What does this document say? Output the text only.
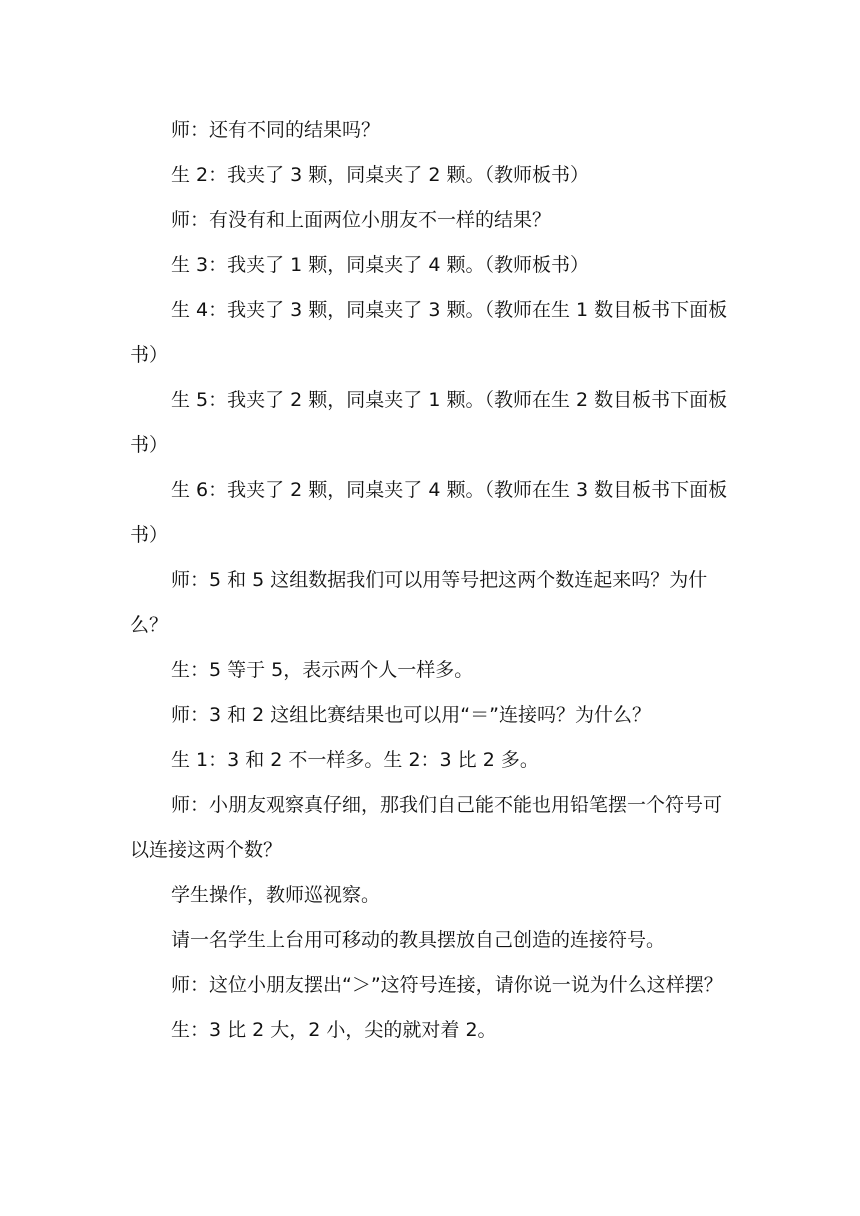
师：还有不同的结果吗？

生 2：我夹了 3 颗，同桌夹了 2 颗。（教师板书）

师：有没有和上面两位小朋友不一样的结果？

生 3：我夹了 1 颗，同桌夹了 4 颗。（教师板书）

生 4：我夹了 3 颗，同桌夹了 3 颗。（教师在生 1 数目板书下面板书）

生 5：我夹了 2 颗，同桌夹了 1 颗。（教师在生 2 数目板书下面板书）

生 6：我夹了 2 颗，同桌夹了 4 颗。（教师在生 3 数目板书下面板书）

师：5 和 5 这组数据我们可以用等号把这两个数连起来吗？为什么？

生：5 等于 5，表示两个人一样多。

师：3 和 2 这组比赛结果也可以用“＝”连接吗？为什么？

生 1：3 和 2 不一样多。生 2：3 比 2 多。

师：小朋友观察真仔细，那我们自己能不能也用铅笔摆一个符号可以连接这两个数？

学生操作，教师巡视察。

请一名学生上台用可移动的教具摆放自己创造的连接符号。

师：这位小朋友摆出“＞”这符号连接，请你说一说为什么这样摆？

生：3 比 2 大，2 小，尖的就对着 2。
